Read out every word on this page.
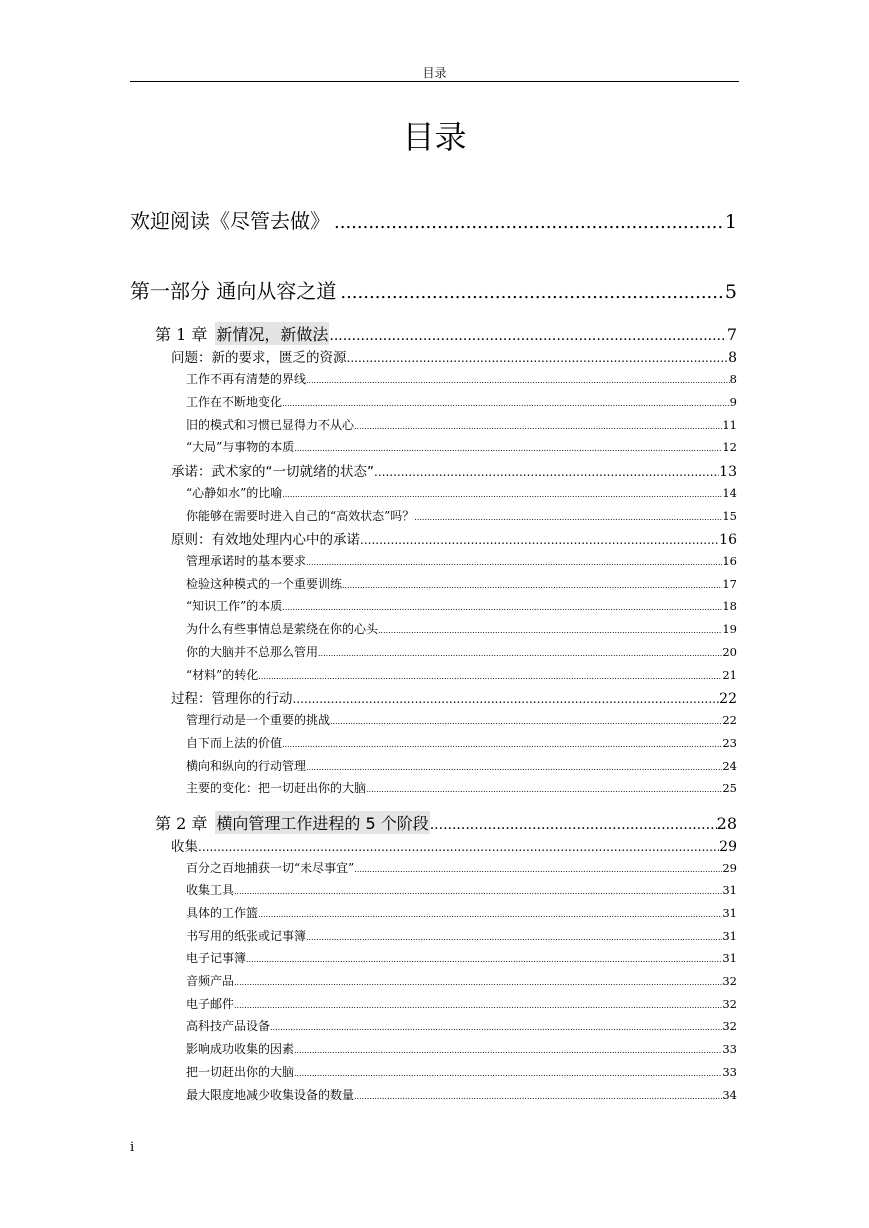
目录
目录
欢迎阅读《尽管去做》 .....	1
第一部分 通向从容之道 .....	5
第 1 章 新情况，新做法 .....	7
问题：新的要求，匮乏的资源 .....	8
工作不再有清楚的界线 .....	8
工作在不断地变化 .....	9
旧的模式和习惯已显得力不从心 .....	11
“大局”与事物的本质 .....	12
承诺：武术家的“一切就绪的状态” .....	13
“心静如水”的比喻 .....	14
你能够在需要时进入自己的“高效状态”吗？ .....	15
原则：有效地处理内心中的承诺 .....	16
管理承诺时的基本要求 .....	16
检验这种模式的一个重要训练 .....	17
“知识工作”的本质 .....	18
为什么有些事情总是萦绕在你的心头 .....	19
你的大脑并不总那么管用 .....	20
“材料”的转化 .....	21
过程：管理你的行动 .....	22
管理行动是一个重要的挑战 .....	22
自下而上法的价值 .....	23
横向和纵向的行动管理 .....	24
主要的变化：把一切赶出你的大脑 .....	25
第 2 章 横向管理工作进程的 5 个阶段 .....	28
收集 .....	29
百分之百地捕获一切“未尽事宜” .....	29
收集工具 .....	31
具体的工作篮 .....	31
书写用的纸张或记事簿 .....	31
电子记事簿 .....	31
音频产品 .....	32
电子邮件 .....	32
高科技产品设备 .....	32
影响成功收集的因素 .....	33
把一切赶出你的大脑 .....	33
最大限度地减少收集设备的数量 .....	34
i
